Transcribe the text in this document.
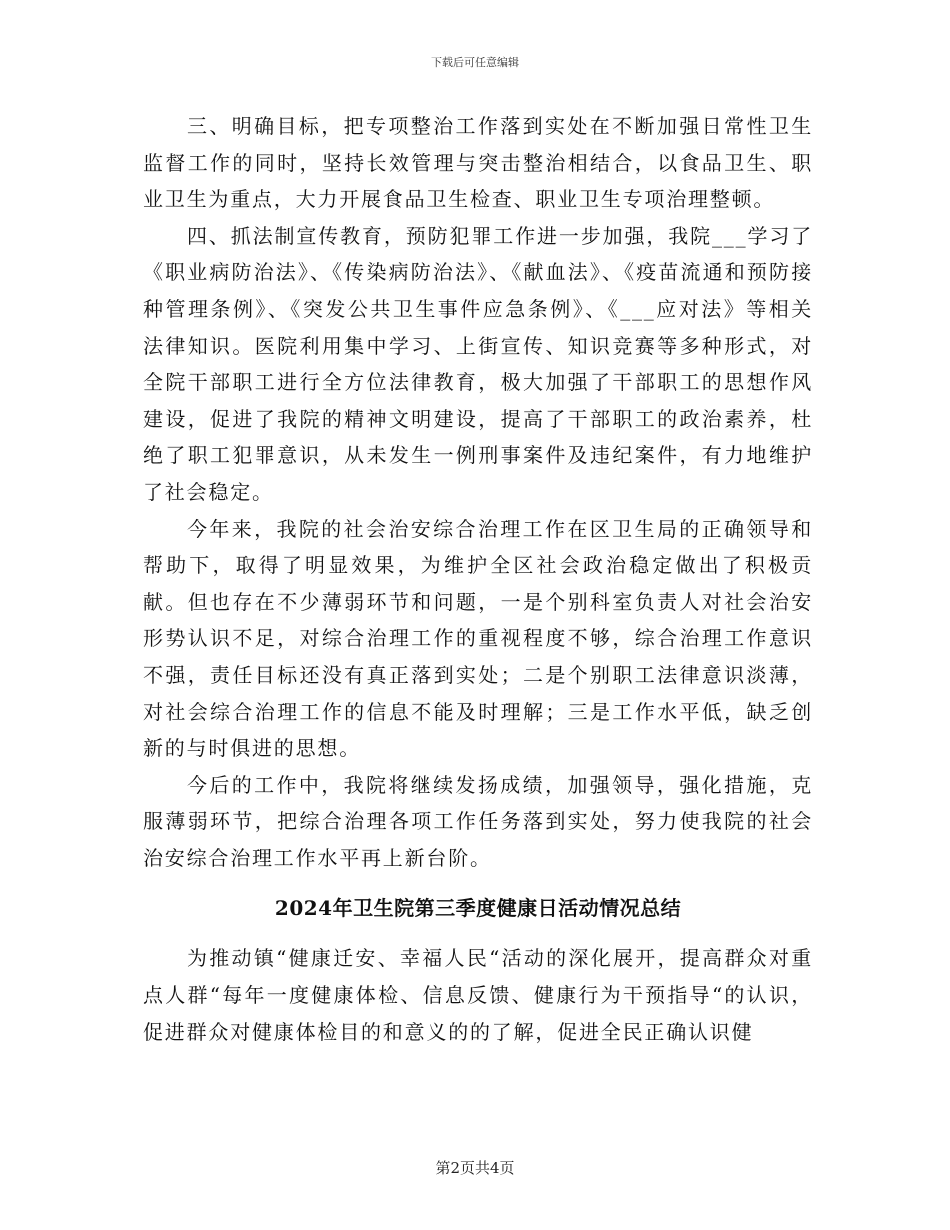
下载后可任意编辑

三、明确目标，把专项整治工作落到实处在不断加强日常性卫生监督工作的同时，坚持长效管理与突击整治相结合，以食品卫生、职业卫生为重点，大力开展食品卫生检查、职业卫生专项治理整顿。

四、抓法制宣传教育，预防犯罪工作进一步加强，我院___学习了《职业病防治法》、《传染病防治法》、《献血法》、《疫苗流通和预防接种管理条例》、《突发公共卫生事件应急条例》、《___应对法》等相关法律知识。医院利用集中学习、上街宣传、知识竞赛等多种形式，对全院干部职工进行全方位法律教育，极大加强了干部职工的思想作风建设，促进了我院的精神文明建设，提高了干部职工的政治素养，杜绝了职工犯罪意识，从未发生一例刑事案件及违纪案件，有力地维护了社会稳定。

今年来，我院的社会治安综合治理工作在区卫生局的正确领导和帮助下，取得了明显效果，为维护全区社会政治稳定做出了积极贡献。但也存在不少薄弱环节和问题，一是个别科室负责人对社会治安形势认识不足，对综合治理工作的重视程度不够，综合治理工作意识不强，责任目标还没有真正落到实处；二是个别职工法律意识淡薄，对社会综合治理工作的信息不能及时理解；三是工作水平低，缺乏创新的与时俱进的思想。

今后的工作中，我院将继续发扬成绩，加强领导，强化措施，克服薄弱环节，把综合治理各项工作任务落到实处，努力使我院的社会治安综合治理工作水平再上新台阶。

2024年卫生院第三季度健康日活动情况总结

为推动镇“健康迁安、幸福人民“活动的深化展开，提高群众对重点人群“每年一度健康体检、信息反馈、健康行为干预指导“的认识，促进群众对健康体检目的和意义的的了解，促进全民正确认识健

第2页共4页
